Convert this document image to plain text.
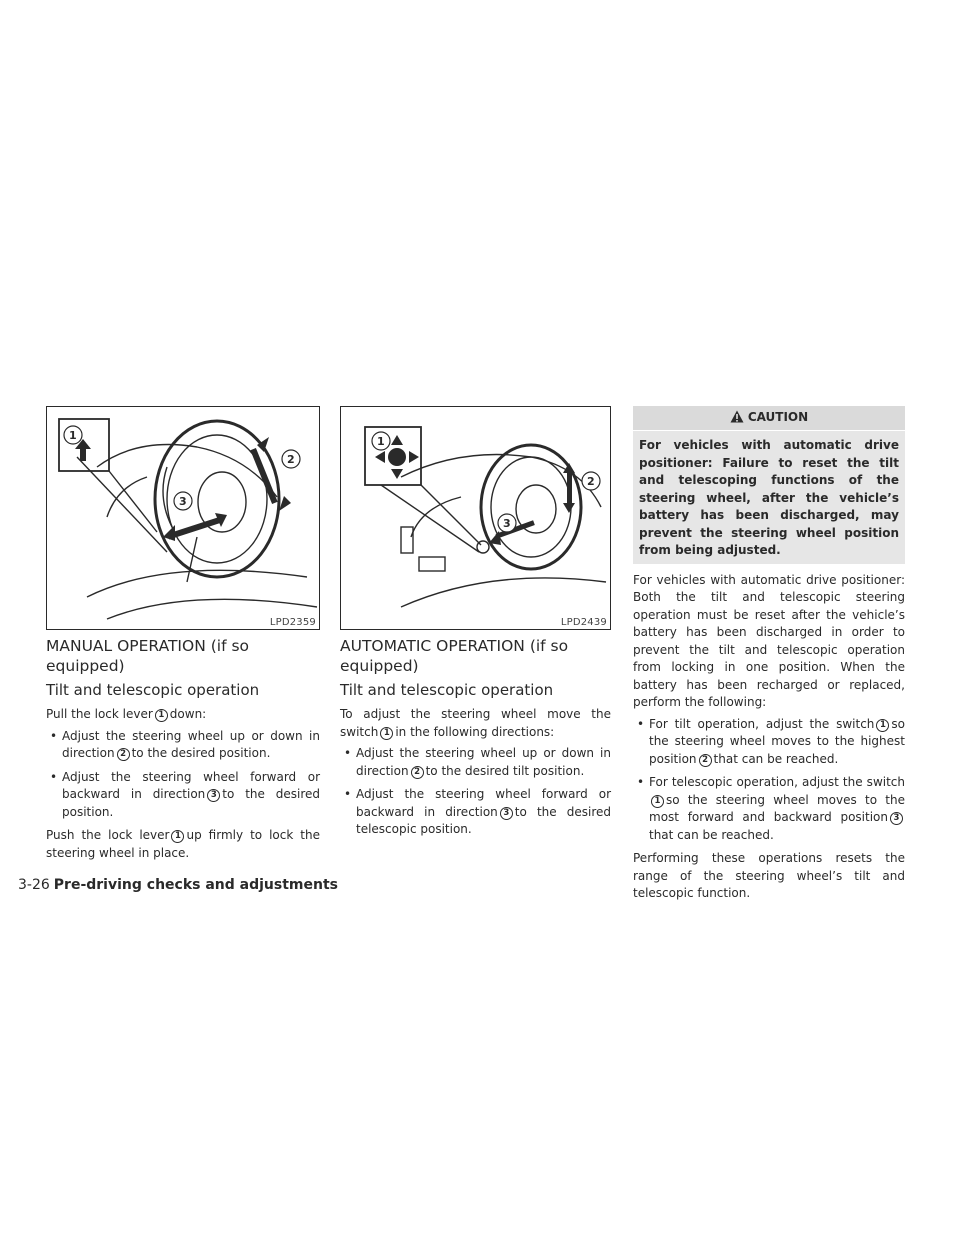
1
2
3
LPD2359
MANUAL OPERATION (if so equipped)
Tilt and telescopic operation

Pull the lock lever 1 down:

• Adjust the steering wheel up or down in direction 2 to the desired position.
• Adjust the steering wheel forward or backward in direction 3 to the desired position.

Push the lock lever 1 up firmly to lock the steering wheel in place.

1
2
3
LPD2439
AUTOMATIC OPERATION (if so equipped)
Tilt and telescopic operation

To adjust the steering wheel move the switch 1 in the following directions:

• Adjust the steering wheel up or down in direction 2 to the desired tilt position.
• Adjust the steering wheel forward or backward in direction 3 to the desired telescopic position.
CAUTION

For vehicles with automatic drive positioner: Failure to reset the tilt and telescoping functions of the steering wheel, after the vehicle’s battery has been discharged, may prevent the steering wheel position from being adjusted.

For vehicles with automatic drive positioner: Both the tilt and telescopic steering operation must be reset after the vehicle’s battery has been discharged in order to prevent the tilt and telescopic operation from locking in one position. When the battery has been recharged or replaced, perform the following:

• For tilt operation, adjust the switch 1 so the steering wheel moves to the highest position 2 that can be reached.
• For telescopic operation, adjust the switch1 so the steering wheel moves to the most forward and backward position 3that can be reached.

Performing these operations resets the range of the steering wheel’s tilt and telescopic function.

3-26 Pre-driving checks and adjustments
